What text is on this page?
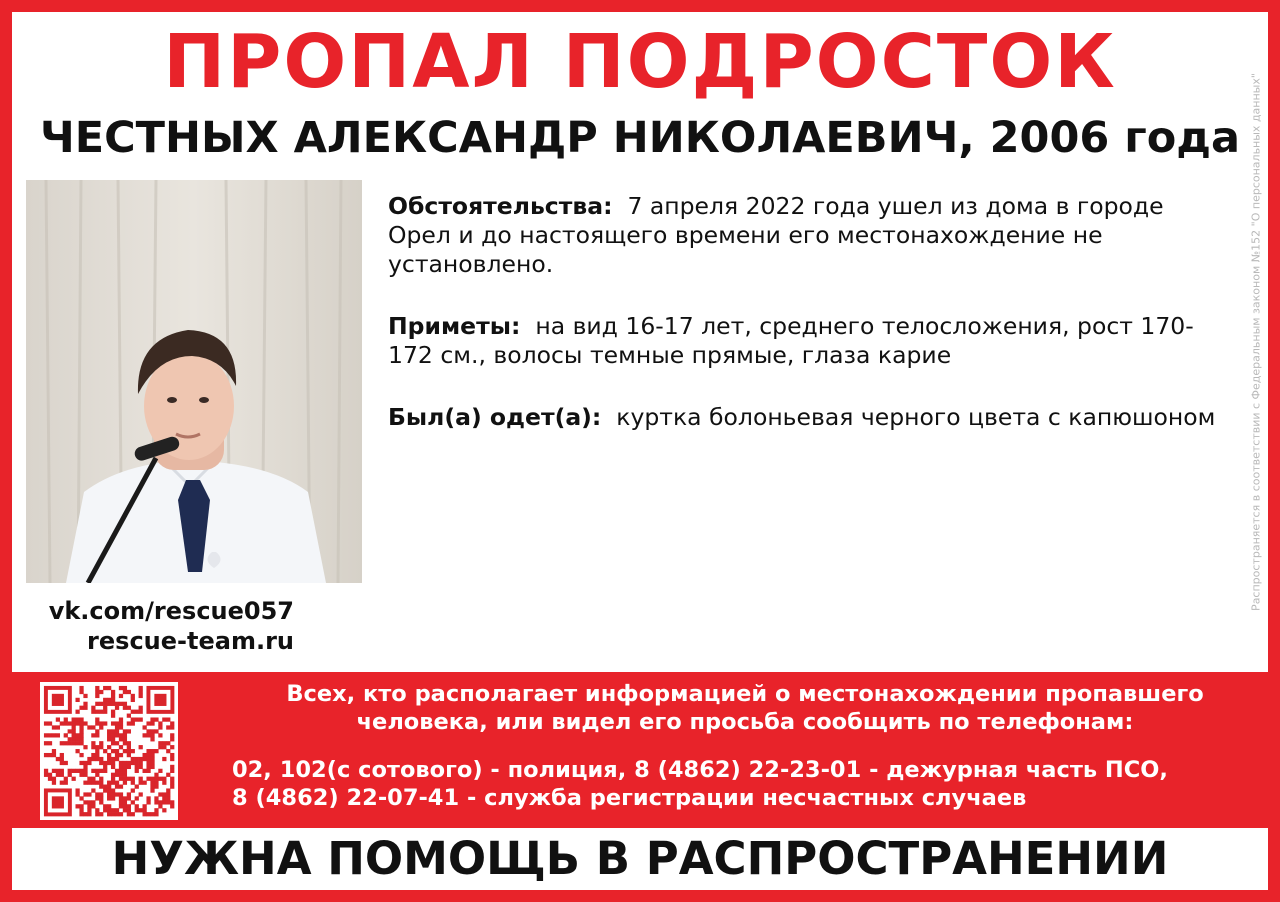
ПРОПАЛ ПОДРОСТОК
ЧЕСТНЫХ АЛЕКСАНДР НИКОЛАЕВИЧ, 2006 года
vk.com/rescue057
rescue-team.ru

Обстоятельства: 7 апреля 2022 года ушел из дома в городе Орел и до настоящего времени его местонахождение не установлено.

Приметы: на вид 16-17 лет, среднего телосложения, рост 170-172 см., волосы темные прямые, глаза карие

Был(а) одет(а): куртка болоньевая черного цвета с капюшоном	Распространяется в соответствии с Федеральным законом №152 "О персональных данных"
Всех, кто располагает информацией о местонахождении пропавшего
человека, или видел его просьба сообщить по телефонам:
02, 102(с сотового) - полиция, 8 (4862) 22-23-01 - дежурная часть ПСО,
8 (4862) 22-07-41 - служба регистрации несчастных случаев
НУЖНА ПОМОЩЬ В РАСПРОСТРАНЕНИИ
